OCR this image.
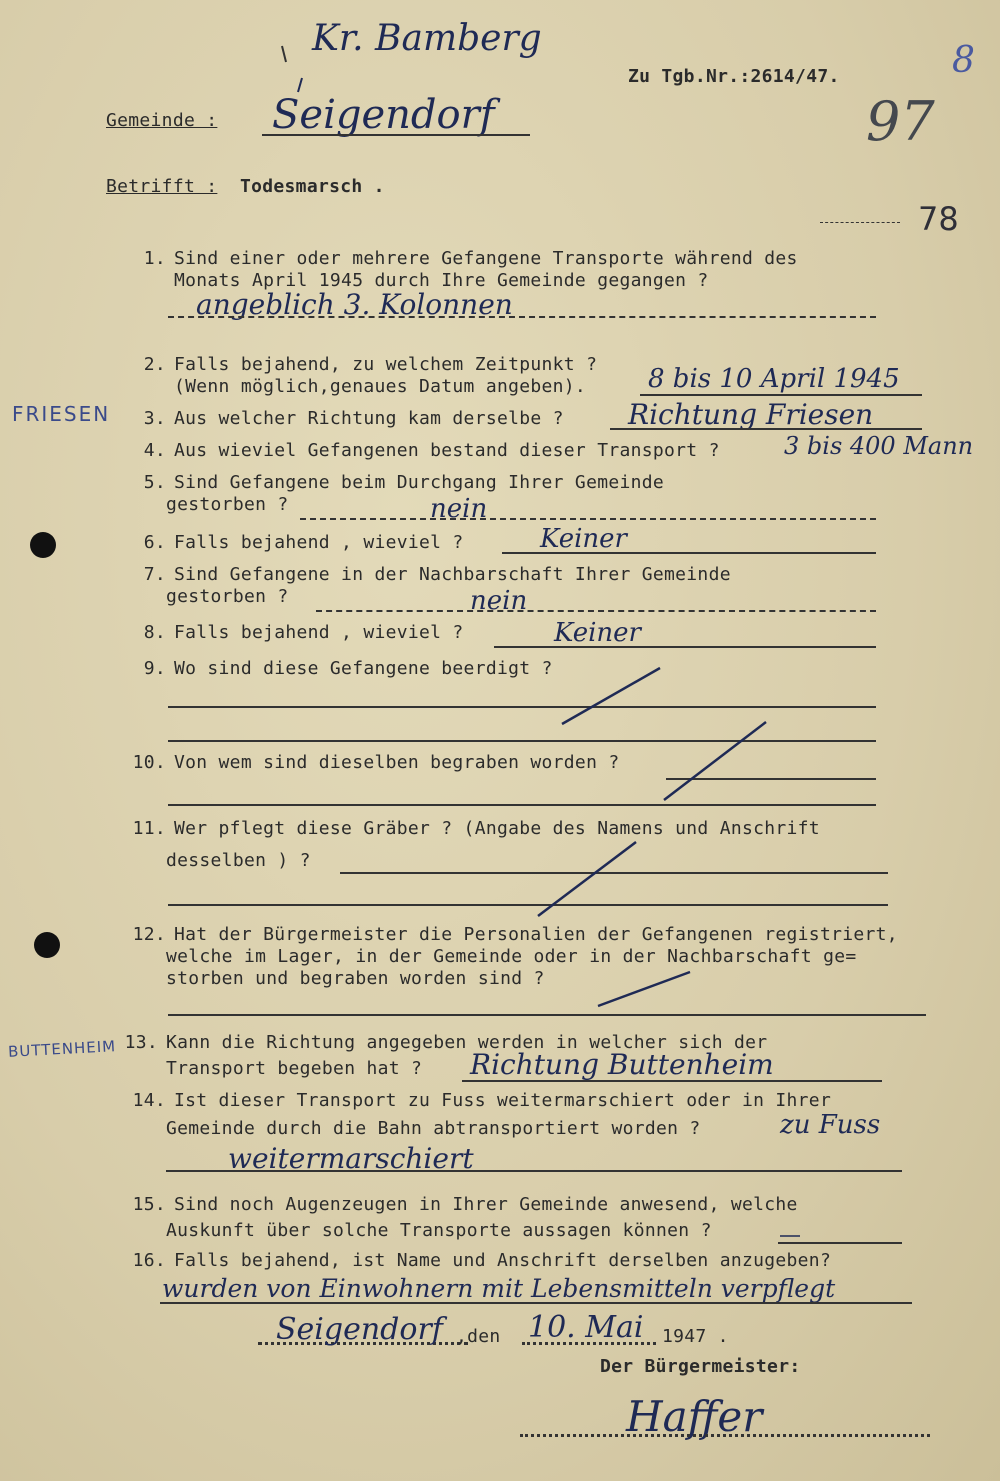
Kr. Bamberg
Zu Tgb.Nr.:2614/47.	8
97
78
Gemeinde : Seigendorf
Betrifft : Todesmarsch .
FRIESEN
BUTTENHEIM
1. Sind einer oder mehrere Gefangene Transporte während des
Monats April 1945 durch Ihre Gemeinde gegangen ?
angeblich 3. Kolonnen
2. Falls bejahend, zu welchem Zeitpunkt ?
(Wenn möglich,genaues Datum angeben). 8 bis 10 April 1945
3. Aus welcher Richtung kam derselbe ? Richtung Friesen
4. Aus wieviel Gefangenen bestand dieser Transport ?	3 bis 400 Mann
5. Sind Gefangene beim Durchgang Ihrer Gemeinde
gestorben ?	nein
6. Falls bejahend , wieviel ?	Keiner
7. Sind Gefangene in der Nachbarschaft Ihrer Gemeinde
gestorben ?	nein
8. Falls bejahend , wieviel ?	Keiner
9. Wo sind diese Gefangene beerdigt ?
10. Von wem sind dieselben begraben worden ?
11. Wer pflegt diese Gräber ? (Angabe des Namens und Anschrift
desselben ) ?
12. Hat der Bürgermeister die Personalien der Gefangenen registriert,
welche im Lager, in der Gemeinde oder in der Nachbarschaft ge=
storben und begraben worden sind ?
13. Kann die Richtung angegeben werden in welcher sich der
Transport begeben hat ? Richtung Buttenheim
14. Ist dieser Transport zu Fuss weitermarschiert oder in Ihrer
Gemeinde durch die Bahn abtransportiert worden ?	zu Fuss
weitermarschiert
15. Sind noch Augenzeugen in Ihrer Gemeinde anwesend, welche
Auskunft über solche Transporte aussagen können ?
16. Falls bejahend, ist Name und Anschrift derselben anzugeben?
wurden von Einwohnern mit Lebensmitteln verpflegt
Seigendorf ,den 10. Mai 1947 .
Der Bürgermeister:
Haffer
